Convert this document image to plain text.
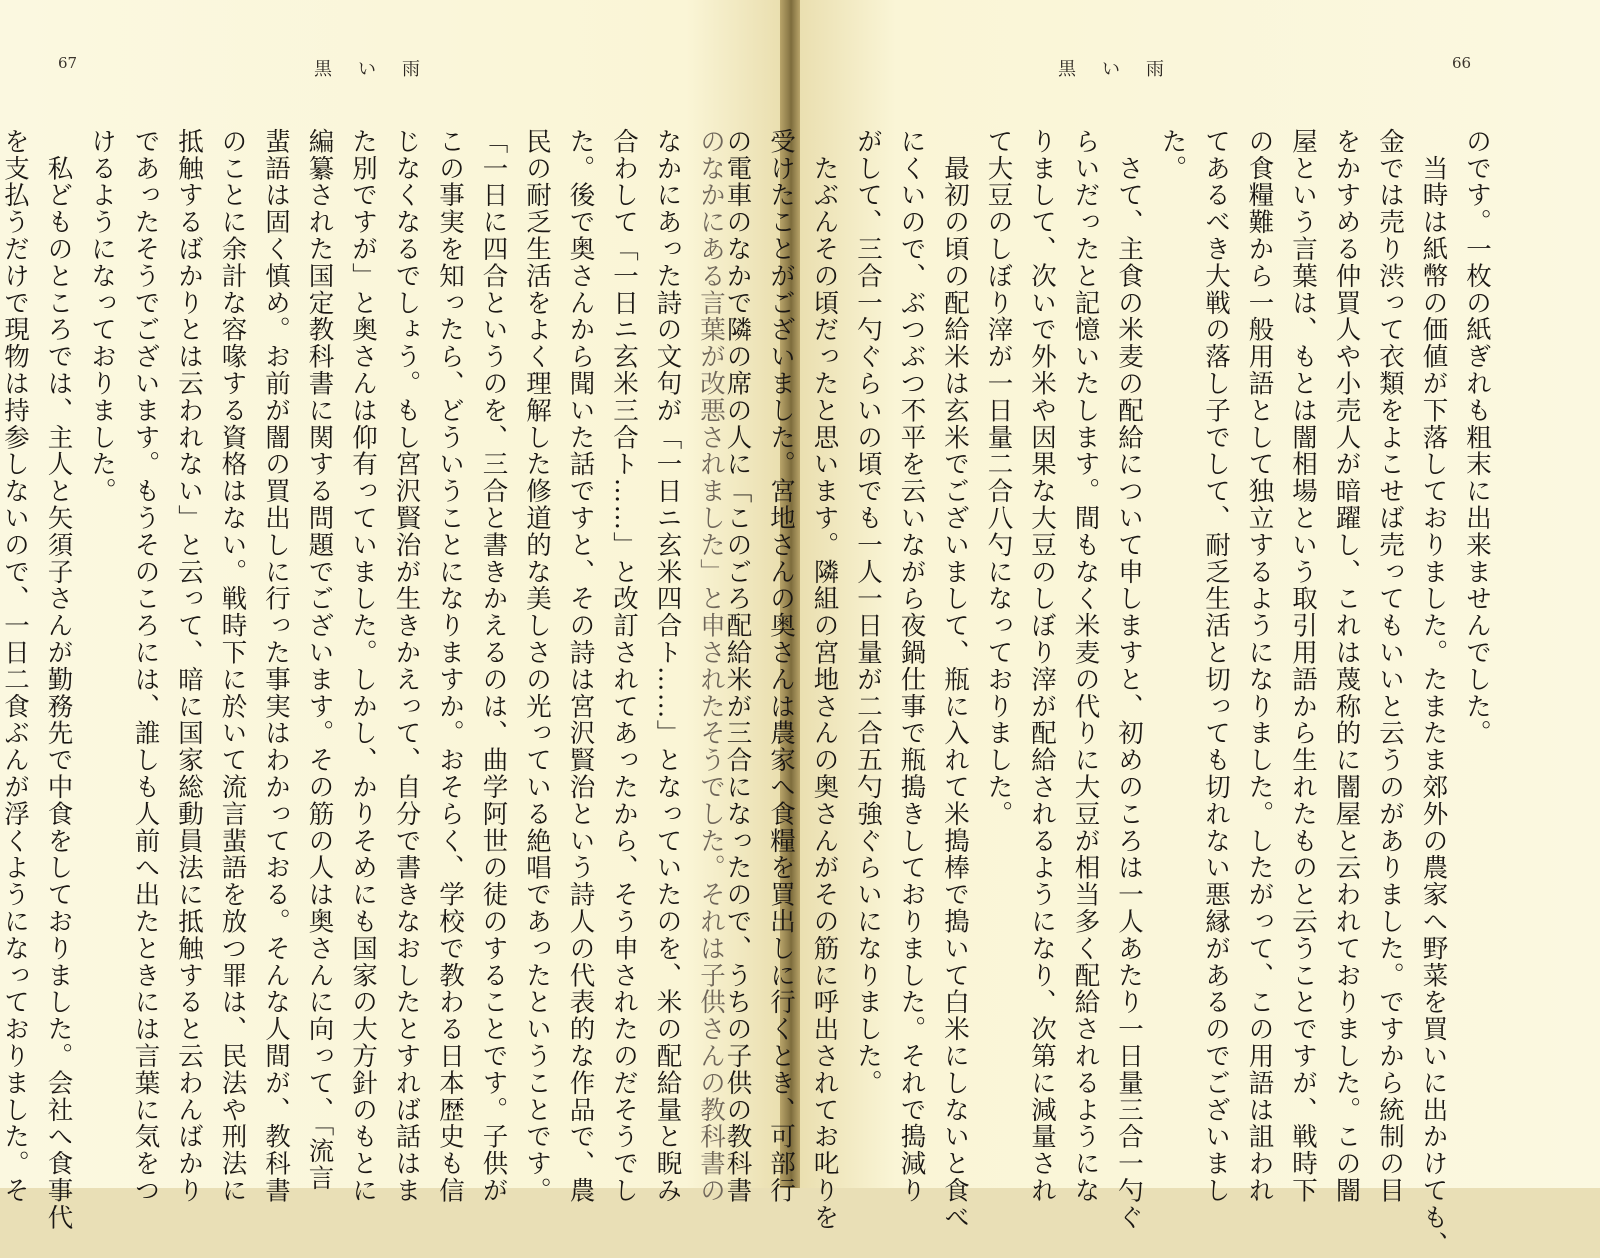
67	黒い雨
のなかにある言葉が改悪されました」と申されたそうでした。それは子供さんの教科書の
なかにあった詩の文句が「一日ニ玄米四合ト……」となっていたのを、米の配給量と睨み
合わして「一日ニ玄米三合ト……」と改訂されてあったから、そう申されたのだそうでし
た。後で奥さんから聞いた話ですと、その詩は宮沢賢治という詩人の代表的な作品で、農
民の耐乏生活をよく理解した修道的な美しさの光っている絶唱であったということです。
「一日に四合というのを、三合と書きかえるのは、曲学阿世の徒のすることです。子供が
この事実を知ったら、どういうことになりますか。おそらく、学校で教わる日本歴史も信
じなくなるでしょう。もし宮沢賢治が生きかえって、自分で書きなおしたとすれば話はま
た別ですが」と奥さんは仰有っていました。しかし、かりそめにも国家の大方針のもとに
編纂された国定教科書に関する問題でございます。その筋の人は奥さんに向って、「流言
蜚語は固く慎め。お前が闇の買出しに行った事実はわかっておる。そんな人間が、教科書
のことに余計な容喙する資格はない。戦時下に於いて流言蜚語を放つ罪は、民法や刑法に
抵触するばかりとは云われない」と云って、暗に国家総動員法に抵触すると云わんばかり
であったそうでございます。もうそのころには、誰しも人前へ出たときには言葉に気をつ
けるようになっておりました。
　私どものところでは、主人と矢須子さんが勤務先で中食をしておりました。会社へ食事代
を支払うだけで現物は持参しないので、一日二食ぶんが浮くようになっておりました。そ
66
黒い雨
のです。一枚の紙ぎれも粗末に出来ませんでした。
　当時は紙幣の価値が下落しておりました。たまたま郊外の農家へ野菜を買いに出かけても、
金では売り渋って衣類をよこせば売ってもいいと云うのがありました。ですから統制の目
をかすめる仲買人や小売人が暗躍し、これは蔑称的に闇屋と云われておりました。この闇
屋という言葉は、もとは闇相場という取引用語から生れたものと云うことですが、戦時下
の食糧難から一般用語として独立するようになりました。したがって、この用語は詛われ
てあるべき大戦の落し子でして、耐乏生活と切っても切れない悪縁があるのでございまし
た。
　さて、主食の米麦の配給について申しますと、初めのころは一人あたり一日量三合一勺ぐ
らいだったと記憶いたします。間もなく米麦の代りに大豆が相当多く配給されるようにな
りまして、次いで外米や因果な大豆のしぼり滓が配給されるようになり、次第に減量され
て大豆のしぼり滓が一日量二合八勺になっておりました。
　最初の頃の配給米は玄米でございまして、瓶に入れて米搗棒で搗いて白米にしないと食べ
にくいので、ぶつぶつ不平を云いながら夜鍋仕事で瓶搗きしておりました。それで搗減り
がして、三合一勺ぐらいの頃でも一人一日量が二合五勺強ぐらいになりました。
　たぶんその頃だったと思います。隣組の宮地さんの奥さんがその筋に呼出されてお叱りを
受けたことがございました。宮地さんの奥さんは農家へ食糧を買出しに行くとき、可部行
の電車のなかで隣の席の人に「このごろ配給米が三合になったので、うちの子供の教科書
